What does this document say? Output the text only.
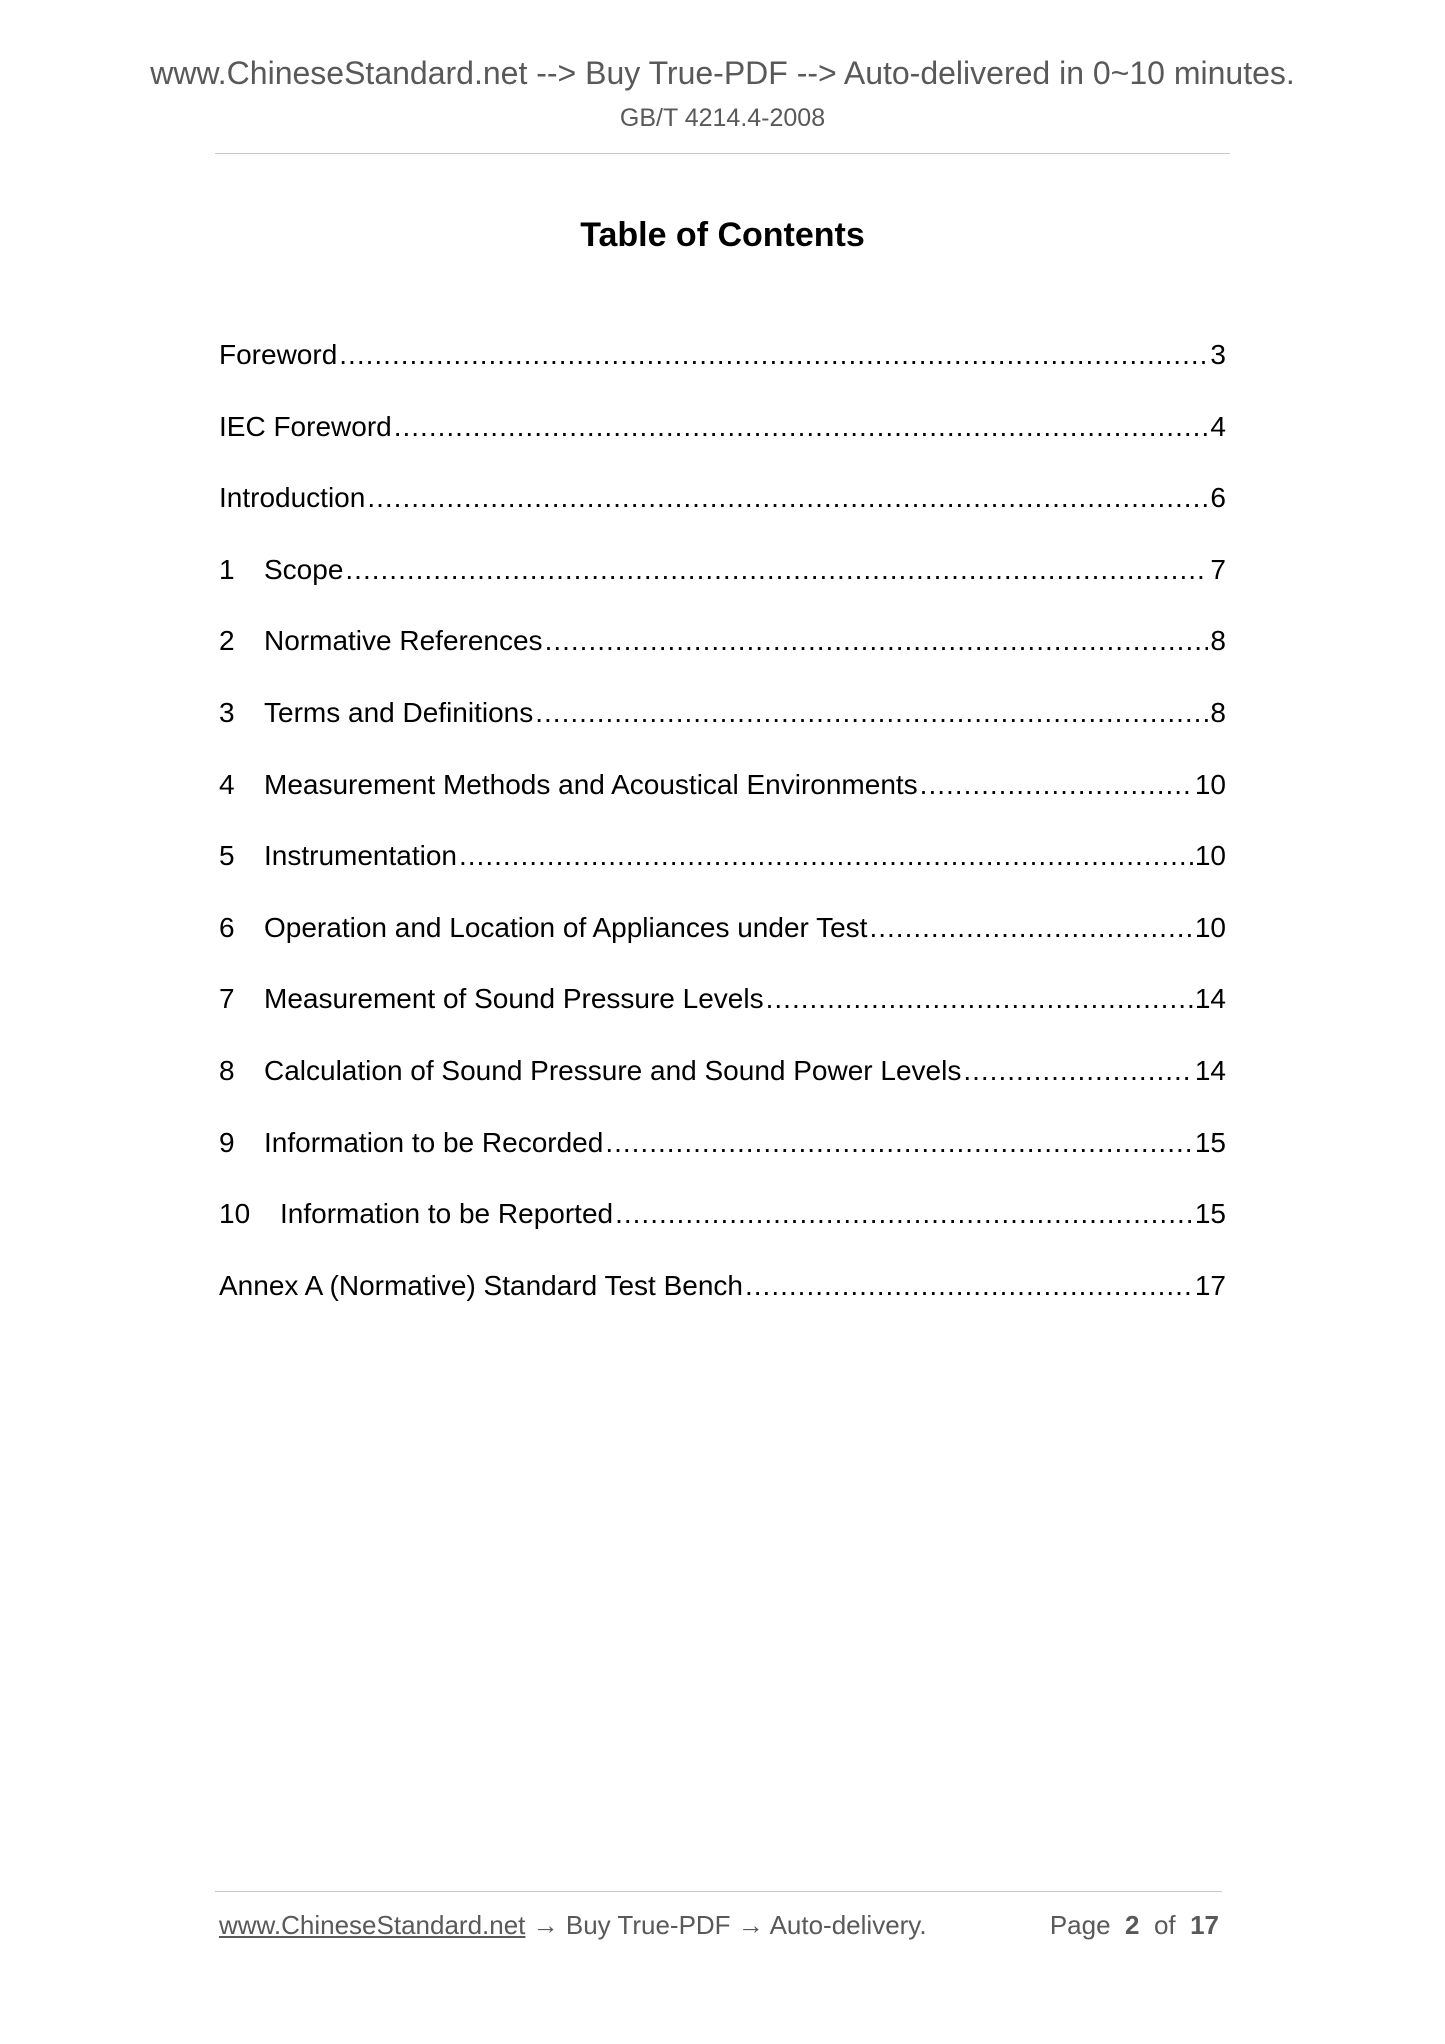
www.ChineseStandard.net --> Buy True-PDF --> Auto-delivered in 0~10 minutes.
GB/T 4214.4-2008
Table of Contents
Foreword .....	3
IEC Foreword .....	4
Introduction .....	6
1	Scope .....	7
2	Normative References .....	8
3	Terms and Definitions .....	8
4	Measurement Methods and Acoustical Environments .....	10
5	Instrumentation .....	10
6	Operation and Location of Appliances under Test .....	10
7	Measurement of Sound Pressure Levels .....	14
8	Calculation of Sound Pressure and Sound Power Levels .....	14
9	Information to be Recorded .....	15
10	Information to be Reported .....	15
Annex A (Normative) Standard Test Bench .....	17
www.ChineseStandard.net → Buy True-PDF → Auto-delivery.	Page 2 of 17
